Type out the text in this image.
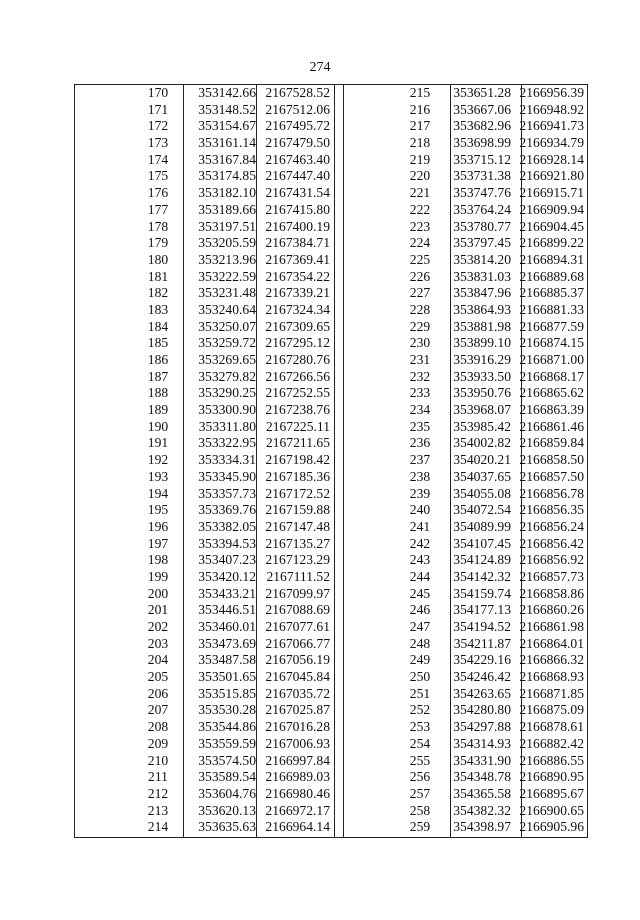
274
170	353142.66 2167528.52
171	353148.52 2167512.06
172	353154.67 2167495.72
173	353161.14 2167479.50
174	353167.84 2167463.40
175	353174.85 2167447.40
176	353182.10 2167431.54
177	353189.66 2167415.80
178	353197.51 2167400.19
179	353205.59 2167384.71
180	353213.96 2167369.41
181	353222.59 2167354.22
182	353231.48 2167339.21
183	353240.64 2167324.34
184	353250.07 2167309.65
185	353259.72 2167295.12
186	353269.65 2167280.76
187	353279.82 2167266.56
188	353290.25 2167252.55
189	353300.90 2167238.76
190	353311.80 2167225.11
191	353322.95 2167211.65
192	353334.31 2167198.42
193	353345.90 2167185.36
194	353357.73 2167172.52
195	353369.76 2167159.88
196	353382.05 2167147.48
197	353394.53 2167135.27
198	353407.23 2167123.29
199	353420.12 2167111.52
200	353433.21 2167099.97
201	353446.51 2167088.69
202	353460.01 2167077.61
203	353473.69 2167066.77
204	353487.58 2167056.19
205	353501.65 2167045.84
206	353515.85 2167035.72
207	353530.28 2167025.87
208	353544.86 2167016.28
209	353559.59 2167006.93
210	353574.50 2166997.84
211	353589.54 2166989.03
212	353604.76 2166980.46
213	353620.13 2166972.17
214	353635.63 2166964.14
215	353651.28 2166956.39
216	353667.06 2166948.92
217	353682.96 2166941.73
218	353698.99 2166934.79
219	353715.12 2166928.14
220	353731.38 2166921.80
221	353747.76 2166915.71
222	353764.24 2166909.94
223	353780.77 2166904.45
224	353797.45 2166899.22
225	353814.20 2166894.31
226	353831.03 2166889.68
227	353847.96 2166885.37
228	353864.93 2166881.33
229	353881.98 2166877.59
230	353899.10 2166874.15
231	353916.29 2166871.00
232	353933.50 2166868.17
233	353950.76 2166865.62
234	353968.07 2166863.39
235	353985.42 2166861.46
236	354002.82 2166859.84
237	354020.21 2166858.50
238	354037.65 2166857.50
239	354055.08 2166856.78
240	354072.54 2166856.35
241	354089.99 2166856.24
242	354107.45 2166856.42
243	354124.89 2166856.92
244	354142.32 2166857.73
245	354159.74 2166858.86
246	354177.13 2166860.26
247	354194.52 2166861.98
248	354211.87 2166864.01
249	354229.16 2166866.32
250	354246.42 2166868.93
251	354263.65 2166871.85
252	354280.80 2166875.09
253	354297.88 2166878.61
254	354314.93 2166882.42
255	354331.90 2166886.55
256	354348.78 2166890.95
257	354365.58 2166895.67
258	354382.32 2166900.65
259	354398.97 2166905.96
